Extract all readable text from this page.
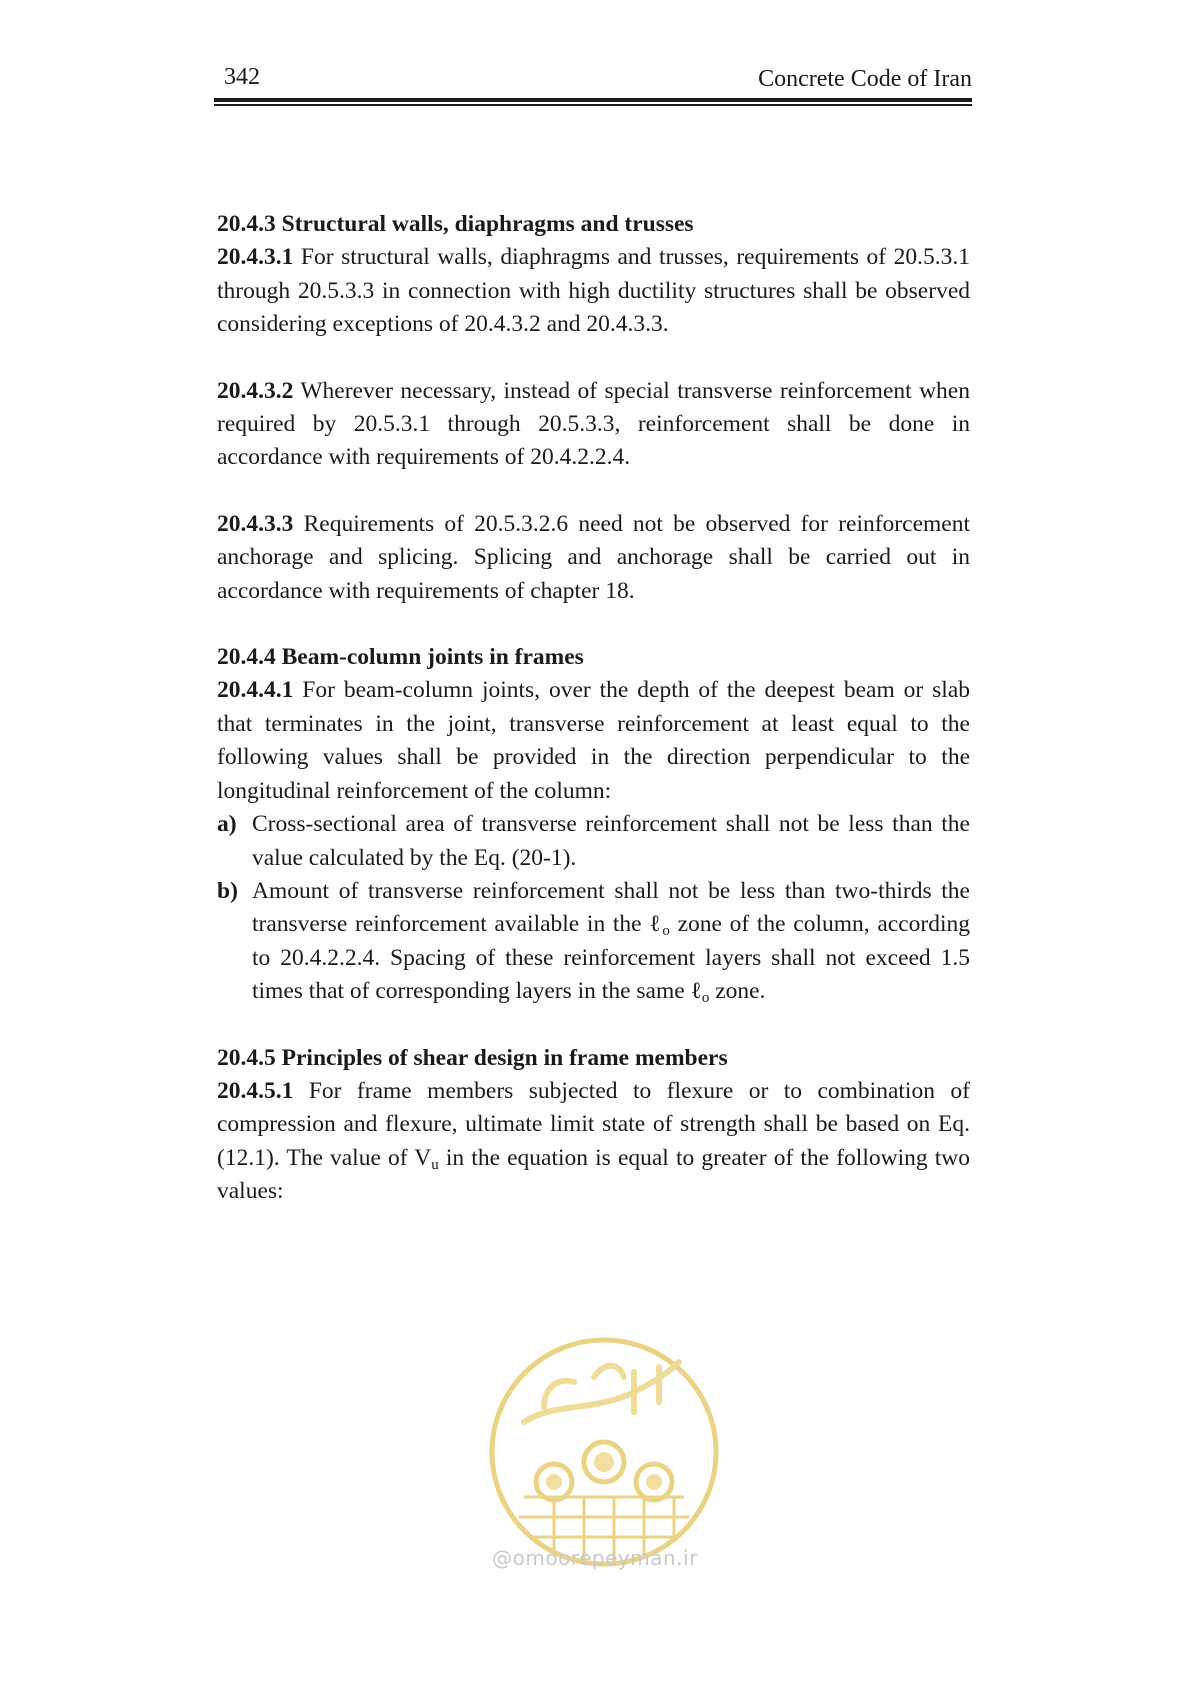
342	Concrete Code of Iran

20.4.3 Structural walls, diaphragms and trusses

20.4.3.1 For structural walls, diaphragms and trusses, requirements of 20.5.3.1 through 20.5.3.3 in connection with high ductility structures shall be observed considering exceptions of 20.4.3.2 and 20.4.3.3.

20.4.3.2 Wherever necessary, instead of special transverse reinforcement when required by 20.5.3.1 through 20.5.3.3, reinforcement shall be done in accordance with requirements of 20.4.2.2.4.

20.4.3.3 Requirements of 20.5.3.2.6 need not be observed for reinforcement anchorage and splicing. Splicing and anchorage shall be carried out in accordance with requirements of chapter 18.

20.4.4 Beam-column joints in frames

20.4.4.1 For beam-column joints, over the depth of the deepest beam or slab that terminates in the joint, transverse reinforcement at least equal to the following values shall be provided in the direction perpendicular to the longitudinal reinforcement of the column:

a) Cross-sectional area of transverse reinforcement shall not be less than the value calculated by the Eq. (20-1).
b) Amount of transverse reinforcement shall not be less than two-thirds the transverse reinforcement available in the ℓ$_o$ zone of the column, according to 20.4.2.2.4. Spacing of these reinforcement layers shall not exceed 1.5 times that of corresponding layers in the same ℓ$_o$ zone.

20.4.5 Principles of shear design in frame members

20.4.5.1 For frame members subjected to flexure or to combination of compression and flexure, ultimate limit state of strength shall be based on Eq. (12.1). The value of $V_u$ in the equation is equal to greater of the following two values:

@omoorepeyman.ir
